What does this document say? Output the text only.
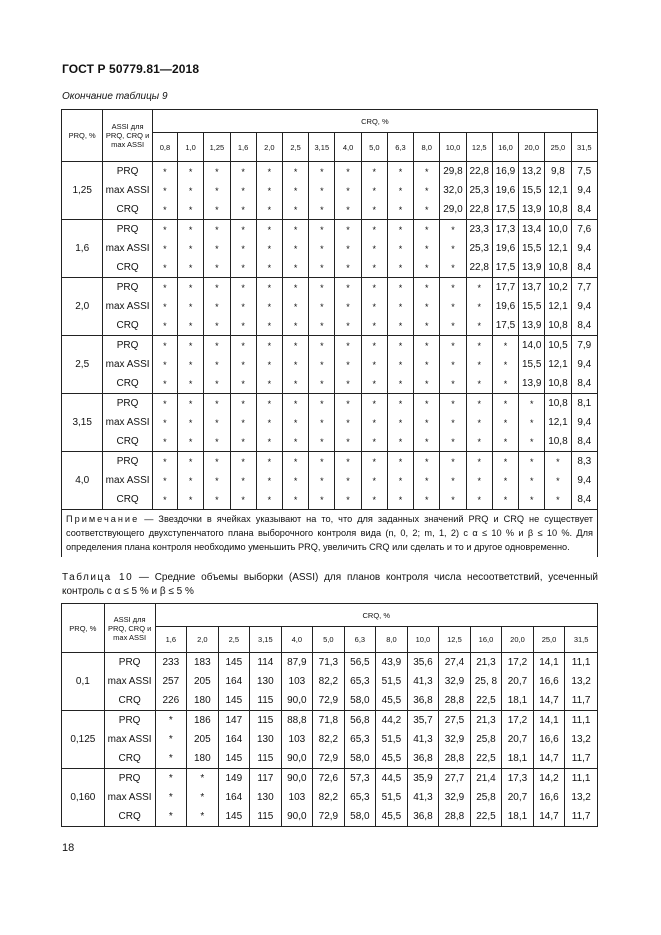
ГОСТ Р 50779.81—2018
Окончание таблицы 9
PRQ, %	ASSI для PRQ, CRQ и max ASSI	CRQ, %																
		0,8	1,0	1,25	1,6	2,0	2,5	3,15	4,0	5,0	6,3	8,0	10,0	12,5	16,0	20,0	25,0	31,5
1,25	PRQ	*	*	*	*	*	*	*	*	*	*	*	29,8	22,8	16,9	13,2	9,8	7,5
	max ASSI	*	*	*	*	*	*	*	*	*	*	*	32,0	25,3	19,6	15,5	12,1	9,4
	CRQ	*	*	*	*	*	*	*	*	*	*	*	29,0	22,8	17,5	13,9	10,8	8,4
1,6	PRQ	*	*	*	*	*	*	*	*	*	*	*	*	23,3	17,3	13,4	10,0	7,6
	max ASSI	*	*	*	*	*	*	*	*	*	*	*	*	25,3	19,6	15,5	12,1	9,4
	CRQ	*	*	*	*	*	*	*	*	*	*	*	*	22,8	17,5	13,9	10,8	8,4
2,0	PRQ	*	*	*	*	*	*	*	*	*	*	*	*	*	17,7	13,7	10,2	7,7
	max ASSI	*	*	*	*	*	*	*	*	*	*	*	*	*	19,6	15,5	12,1	9,4
	CRQ	*	*	*	*	*	*	*	*	*	*	*	*	*	17,5	13,9	10,8	8,4
2,5	PRQ	*	*	*	*	*	*	*	*	*	*	*	*	*	*	14,0	10,5	7,9
	max ASSI	*	*	*	*	*	*	*	*	*	*	*	*	*	*	15,5	12,1	9,4
	CRQ	*	*	*	*	*	*	*	*	*	*	*	*	*	*	13,9	10,8	8,4
3,15	PRQ	*	*	*	*	*	*	*	*	*	*	*	*	*	*	*	10,8	8,1
	max ASSI	*	*	*	*	*	*	*	*	*	*	*	*	*	*	*	12,1	9,4
	CRQ	*	*	*	*	*	*	*	*	*	*	*	*	*	*	*	10,8	8,4
4,0	PRQ	*	*	*	*	*	*	*	*	*	*	*	*	*	*	*	*	8,3
	max ASSI	*	*	*	*	*	*	*	*	*	*	*	*	*	*	*	*	9,4
	CRQ	*	*	*	*	*	*	*	*	*	*	*	*	*	*	*	*	8,4
Примечание — Звездочки в ячейках указывают на то, что для заданных значений PRQ и CRQ не существует соответствующего двухступенчатого плана выборочного контроля вида (n, 0, 2; m, 1, 2) с α ≤ 10 % и β ≤ 10 %. Для определения плана контроля необходимо уменьшить PRQ, увеличить CRQ или сделать и то и другое одновременно.																		
Таблица 10 — Средние объемы выборки (ASSI) для планов контроля числа несоответствий, усеченный контроль с α ≤ 5 % и β ≤ 5 %
PRQ, %	ASSI для PRQ, CRQ и max ASSI	CRQ, %													
		1,6	2,0	2,5	3,15	4,0	5,0	6,3	8,0	10,0	12,5	16,0	20,0	25,0	31,5
0,1	PRQ	233	183	145	114	87,9	71,3	56,5	43,9	35,6	27,4	21,3	17,2	14,1	11,1
	max ASSI	257	205	164	130	103	82,2	65,3	51,5	41,3	32,9	25, 8	20,7	16,6	13,2
	CRQ	226	180	145	115	90,0	72,9	58,0	45,5	36,8	28,8	22,5	18,1	14,7	11,7
0,125	PRQ	*	186	147	115	88,8	71,8	56,8	44,2	35,7	27,5	21,3	17,2	14,1	11,1
	max ASSI	*	205	164	130	103	82,2	65,3	51,5	41,3	32,9	25,8	20,7	16,6	13,2
	CRQ	*	180	145	115	90,0	72,9	58,0	45,5	36,8	28,8	22,5	18,1	14,7	11,7
0,160	PRQ	*	*	149	117	90,0	72,6	57,3	44,5	35,9	27,7	21,4	17,3	14,2	11,1
	max ASSI	*	*	164	130	103	82,2	65,3	51,5	41,3	32,9	25,8	20,7	16,6	13,2
	CRQ	*	*	145	115	90,0	72,9	58,0	45,5	36,8	28,8	22,5	18,1	14,7	11,7
18
